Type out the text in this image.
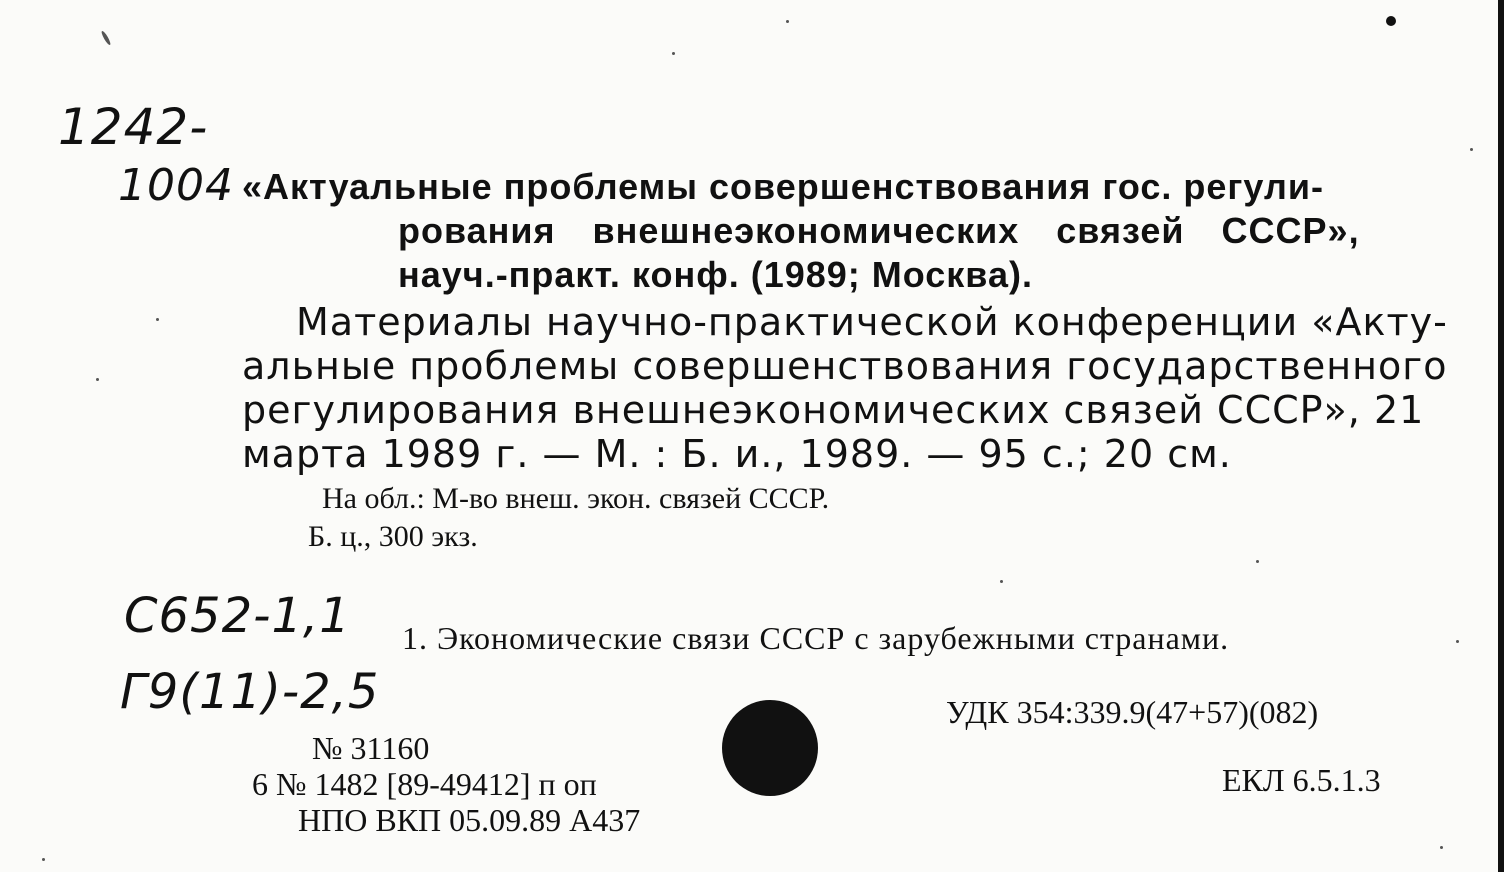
1242-
1004 «Актуальные проблемы совершенствования гос. регули-
рования внешнеэкономических связей СССР»,
науч.-практ. конф. (1989; Москва).
Материалы научно-практической конференции «Акту-
альные проблемы совершенствования государственного
регулирования внешнеэкономических связей СССР», 21
марта 1989 г. — М. : Б. и., 1989. — 95 с.; 20 см.
На обл.: М-во внеш. экон. связей СССР.
Б. ц., 300 экз.
С652-1,1 1. Экономические связи СССР с зарубежными странами.
Г9(11)-2,5	УДК 354:339.9(47+57)(082)
ЕКЛ 6.5.1.3
№ 31160
6 № 1482 [89-49412] п оп
НПО ВКП 05.09.89 А437
